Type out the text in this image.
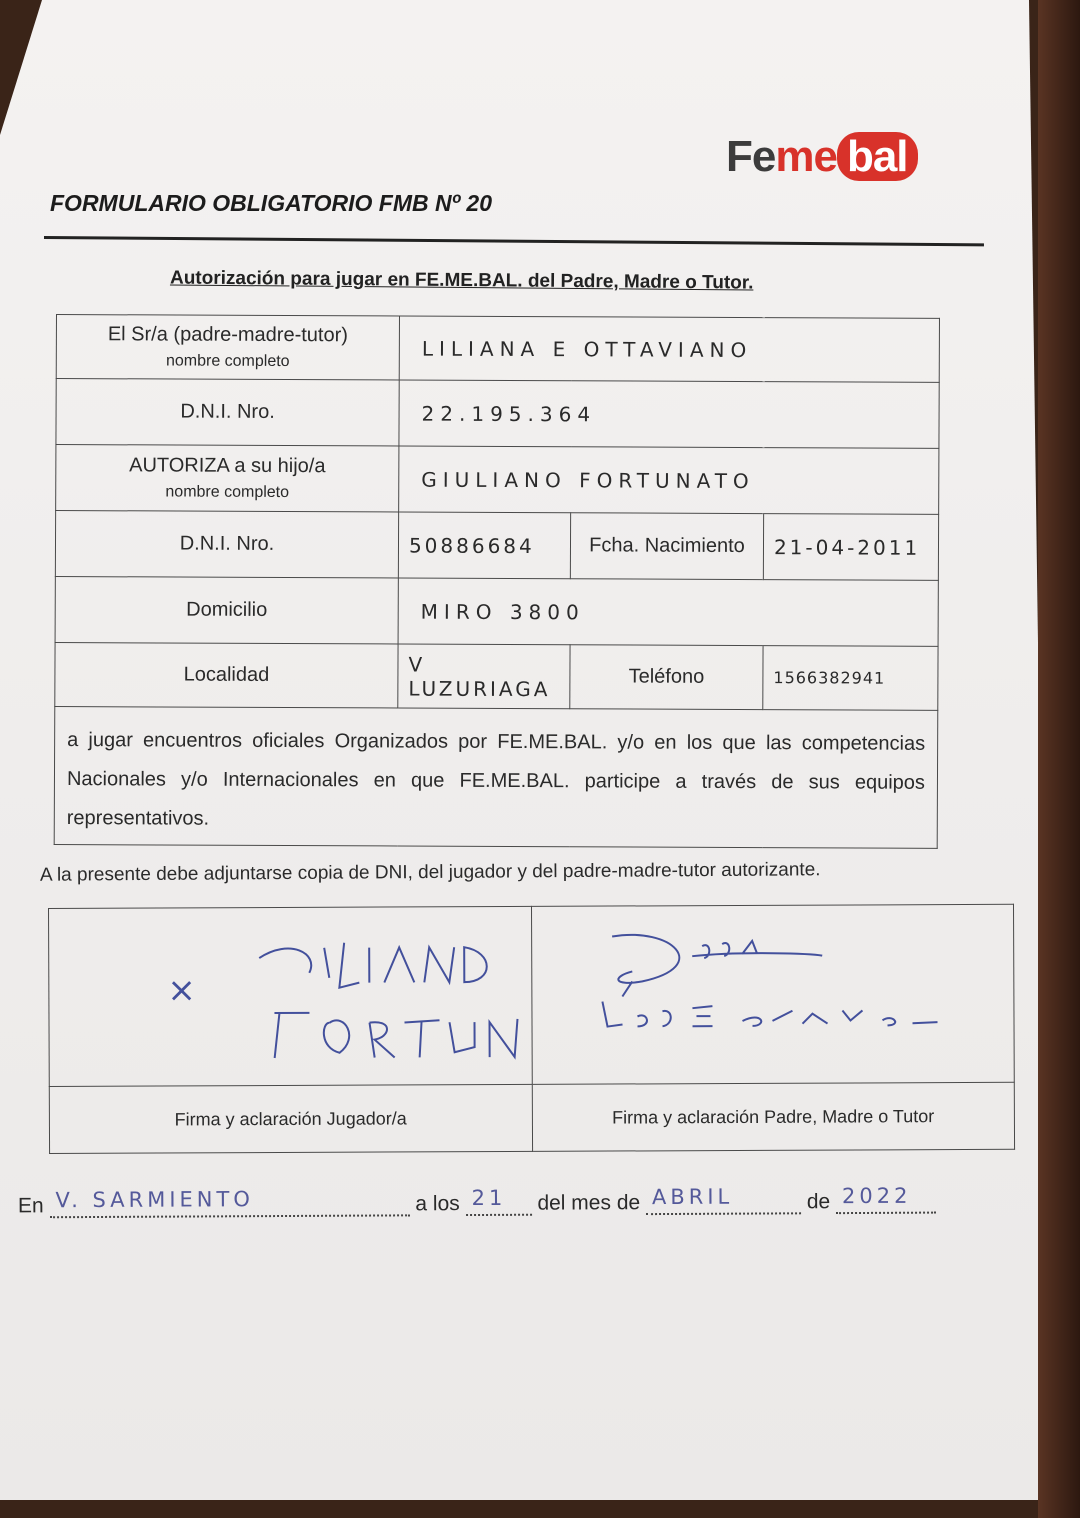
Feme bal
FORMULARIO OBLIGATORIO FMB Nº 20
Autorización para jugar en FE.ME.BAL. del Padre, Madre o Tutor.
El Sr/a (padre-madre-tutor)
nombre completo	LILIANA E OTTAVIANO		
D.N.I. Nro.	22.195.364		
AUTORIZA a su hijo/a
nombre completo	GIULIANO FORTUNATO		
D.N.I. Nro.	50886684	Fcha. Nacimiento	21-04-2011
Domicilio	MIRO 3800		
Localidad	V LUZURIAGA	Teléfono	1566382941
a jugar encuentros oficiales Organizados por FE.ME.BAL. y/o en los que las competencias Nacionales y/o Internacionales en que FE.ME.BAL. participe a través de sus equipos representativos.			
A la presente debe adjuntarse copia de DNI, del jugador y del padre-madre-tutor autorizante.
×

Firma y aclaración Jugador/a	Firma y aclaración Padre, Madre o Tutor
En V. SARMIENTO	a los 21 del mes de ABRIL	de 2022
